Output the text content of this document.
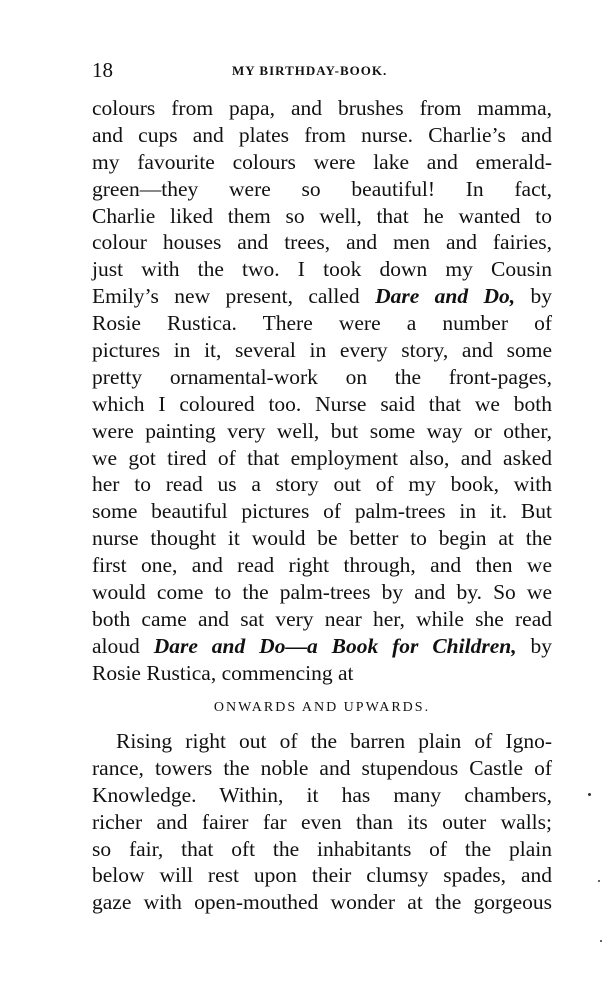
18	MY BIRTHDAY-BOOK.
colours from papa, and brushes from mamma,
and cups and plates from nurse. Charlie’s and
my favourite colours were lake and emerald-
green—they were so beautiful! In fact,
Charlie liked them so well, that he wanted to
colour houses and trees, and men and fairies,
just with the two. I took down my Cousin
Emily’s new present, called Dare and Do, by
Rosie Rustica. There were a number of
pictures in it, several in every story, and some
pretty ornamental-work on the front-pages,
which I coloured too. Nurse said that we both
were painting very well, but some way or other,
we got tired of that employment also, and asked
her to read us a story out of my book, with
some beautiful pictures of palm-trees in it. But
nurse thought it would be better to begin at the
first one, and read right through, and then we
would come to the palm-trees by and by. So we
both came and sat very near her, while she read
aloud Dare and Do—a Book for Children, by
Rosie Rustica, commencing at
ONWARDS AND UPWARDS.
Rising right out of the barren plain of Igno-
rance, towers the noble and stupendous Castle of
Knowledge. Within, it has many chambers,
richer and fairer far even than its outer walls;
so fair, that oft the inhabitants of the plain
below will rest upon their clumsy spades, and
gaze with open-mouthed wonder at the gorgeous
